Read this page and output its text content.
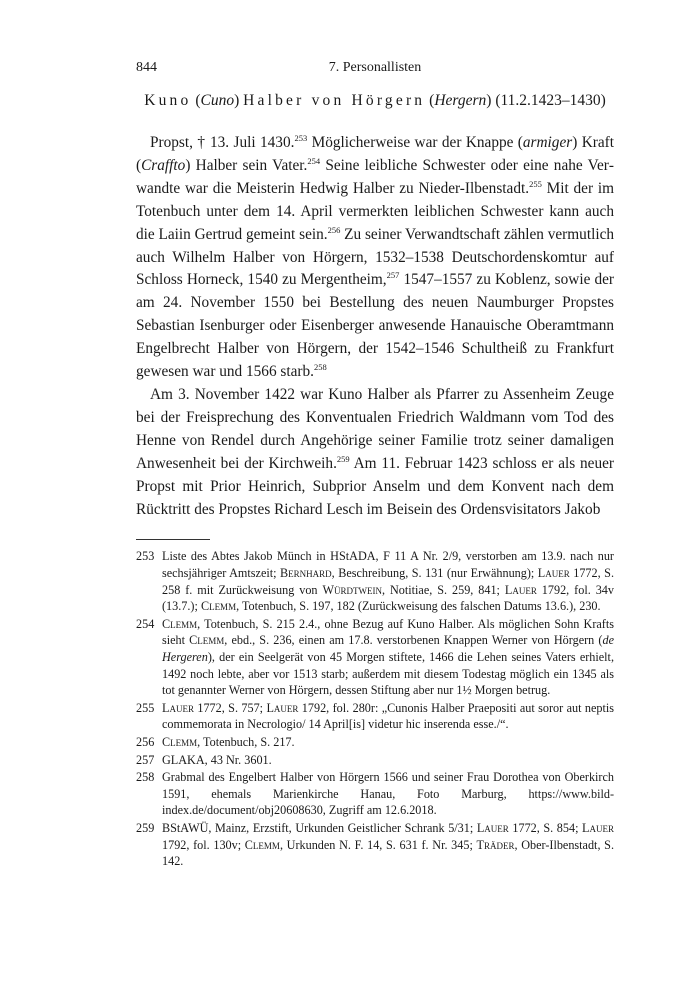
844	7. Personallisten
Kuno (Cuno) Halber von Hörgern (Hergern) (11.2.1423–1430)

Propst, † 13. Juli 1430.$^{253}$ Möglicherweise war der Knappe (armiger) Kraft (Craffto) Halber sein Vater.$^{254}$ Seine leibliche Schwester oder eine nahe Verwandte war die Meisterin Hedwig Halber zu Nieder-Ilbenstadt.$^{255}$ Mit der im Totenbuch unter dem 14. April vermerkten leiblichen Schwester kann auch die Laiin Gertrud gemeint sein.$^{256}$ Zu seiner Verwandtschaft zählen vermutlich auch Wilhelm Halber von Hörgern, 1532–1538 Deutschordenskomtur auf Schloss Horneck, 1540 zu Mergentheim,$^{257}$ 1547–1557 zu Koblenz, sowie der am 24. November 1550 bei Bestellung des neuen Naumburger Propstes Sebastian Isenburger oder Eisenberger anwesende Hanauische Oberamtmann Engelbrecht Halber von Hörgern, der 1542–1546 Schultheiß zu Frankfurt gewesen war und 1566 starb.$^{258}$

Am 3. November 1422 war Kuno Halber als Pfarrer zu Assenheim Zeuge bei der Freisprechung des Konventualen Friedrich Waldmann vom Tod des Henne von Rendel durch Angehörige seiner Familie trotz seiner damaligen Anwesenheit bei der Kirchweih.$^{259}$ Am 11. Februar 1423 schloss er als neuer Propst mit Prior Heinrich, Subprior Anselm und dem Konvent nach dem Rücktritt des Propstes Richard Lesch im Beisein des Ordensvisitators Jakob

253 Liste des Abtes Jakob Münch in HStADA, F 11 A Nr. 2/9, verstorben am 13.9. nach nur sechsjähriger Amtszeit; Bernhard, Beschreibung, S. 131 (nur Erwähnung); Lauer 1772, S. 258 f. mit Zurückweisung von Würdtwein, Notitiae, S. 259, 841; Lauer 1792, fol. 34v (13.7.); Clemm, Totenbuch, S. 197, 182 (Zurückweisung des falschen Datums 13.6.), 230.
254 Clemm, Totenbuch, S. 215 2.4., ohne Bezug auf Kuno Halber. Als möglichen Sohn Krafts sieht Clemm, ebd., S. 236, einen am 17.8. verstorbenen Knappen Werner von Hörgern (de Hergeren), der ein Seelgerät von 45 Morgen stiftete, 1466 die Lehen seines Vaters erhielt, 1492 noch lebte, aber vor 1513 starb; außerdem mit diesem Todestag möglich ein 1345 als tot genannter Werner von Hörgern, dessen Stiftung aber nur 1½ Morgen betrug.
255 Lauer 1772, S. 757; Lauer 1792, fol. 280r: „Cunonis Halber Praepositi aut soror aut neptis commemorata in Necrologio/ 14 April[is] videtur hic inserenda esse./“.
256 Clemm, Totenbuch, S. 217.
257 GLAKA, 43 Nr. 3601.
258 Grabmal des Engelbert Halber von Hörgern 1566 und seiner Frau Dorothea von Oberkirch 1591, ehemals Marienkirche Hanau, Foto Marburg, https://www.bildindex.de/document/obj20608630, Zugriff am 12.6.2018.
259 BStAWÜ, Mainz, Erzstift, Urkunden Geistlicher Schrank 5/31; Lauer 1772, S. 854; Lauer 1792, fol. 130v; Clemm, Urkunden N. F. 14, S. 631 f. Nr. 345; Träder, Ober-Ilbenstadt, S. 142.
